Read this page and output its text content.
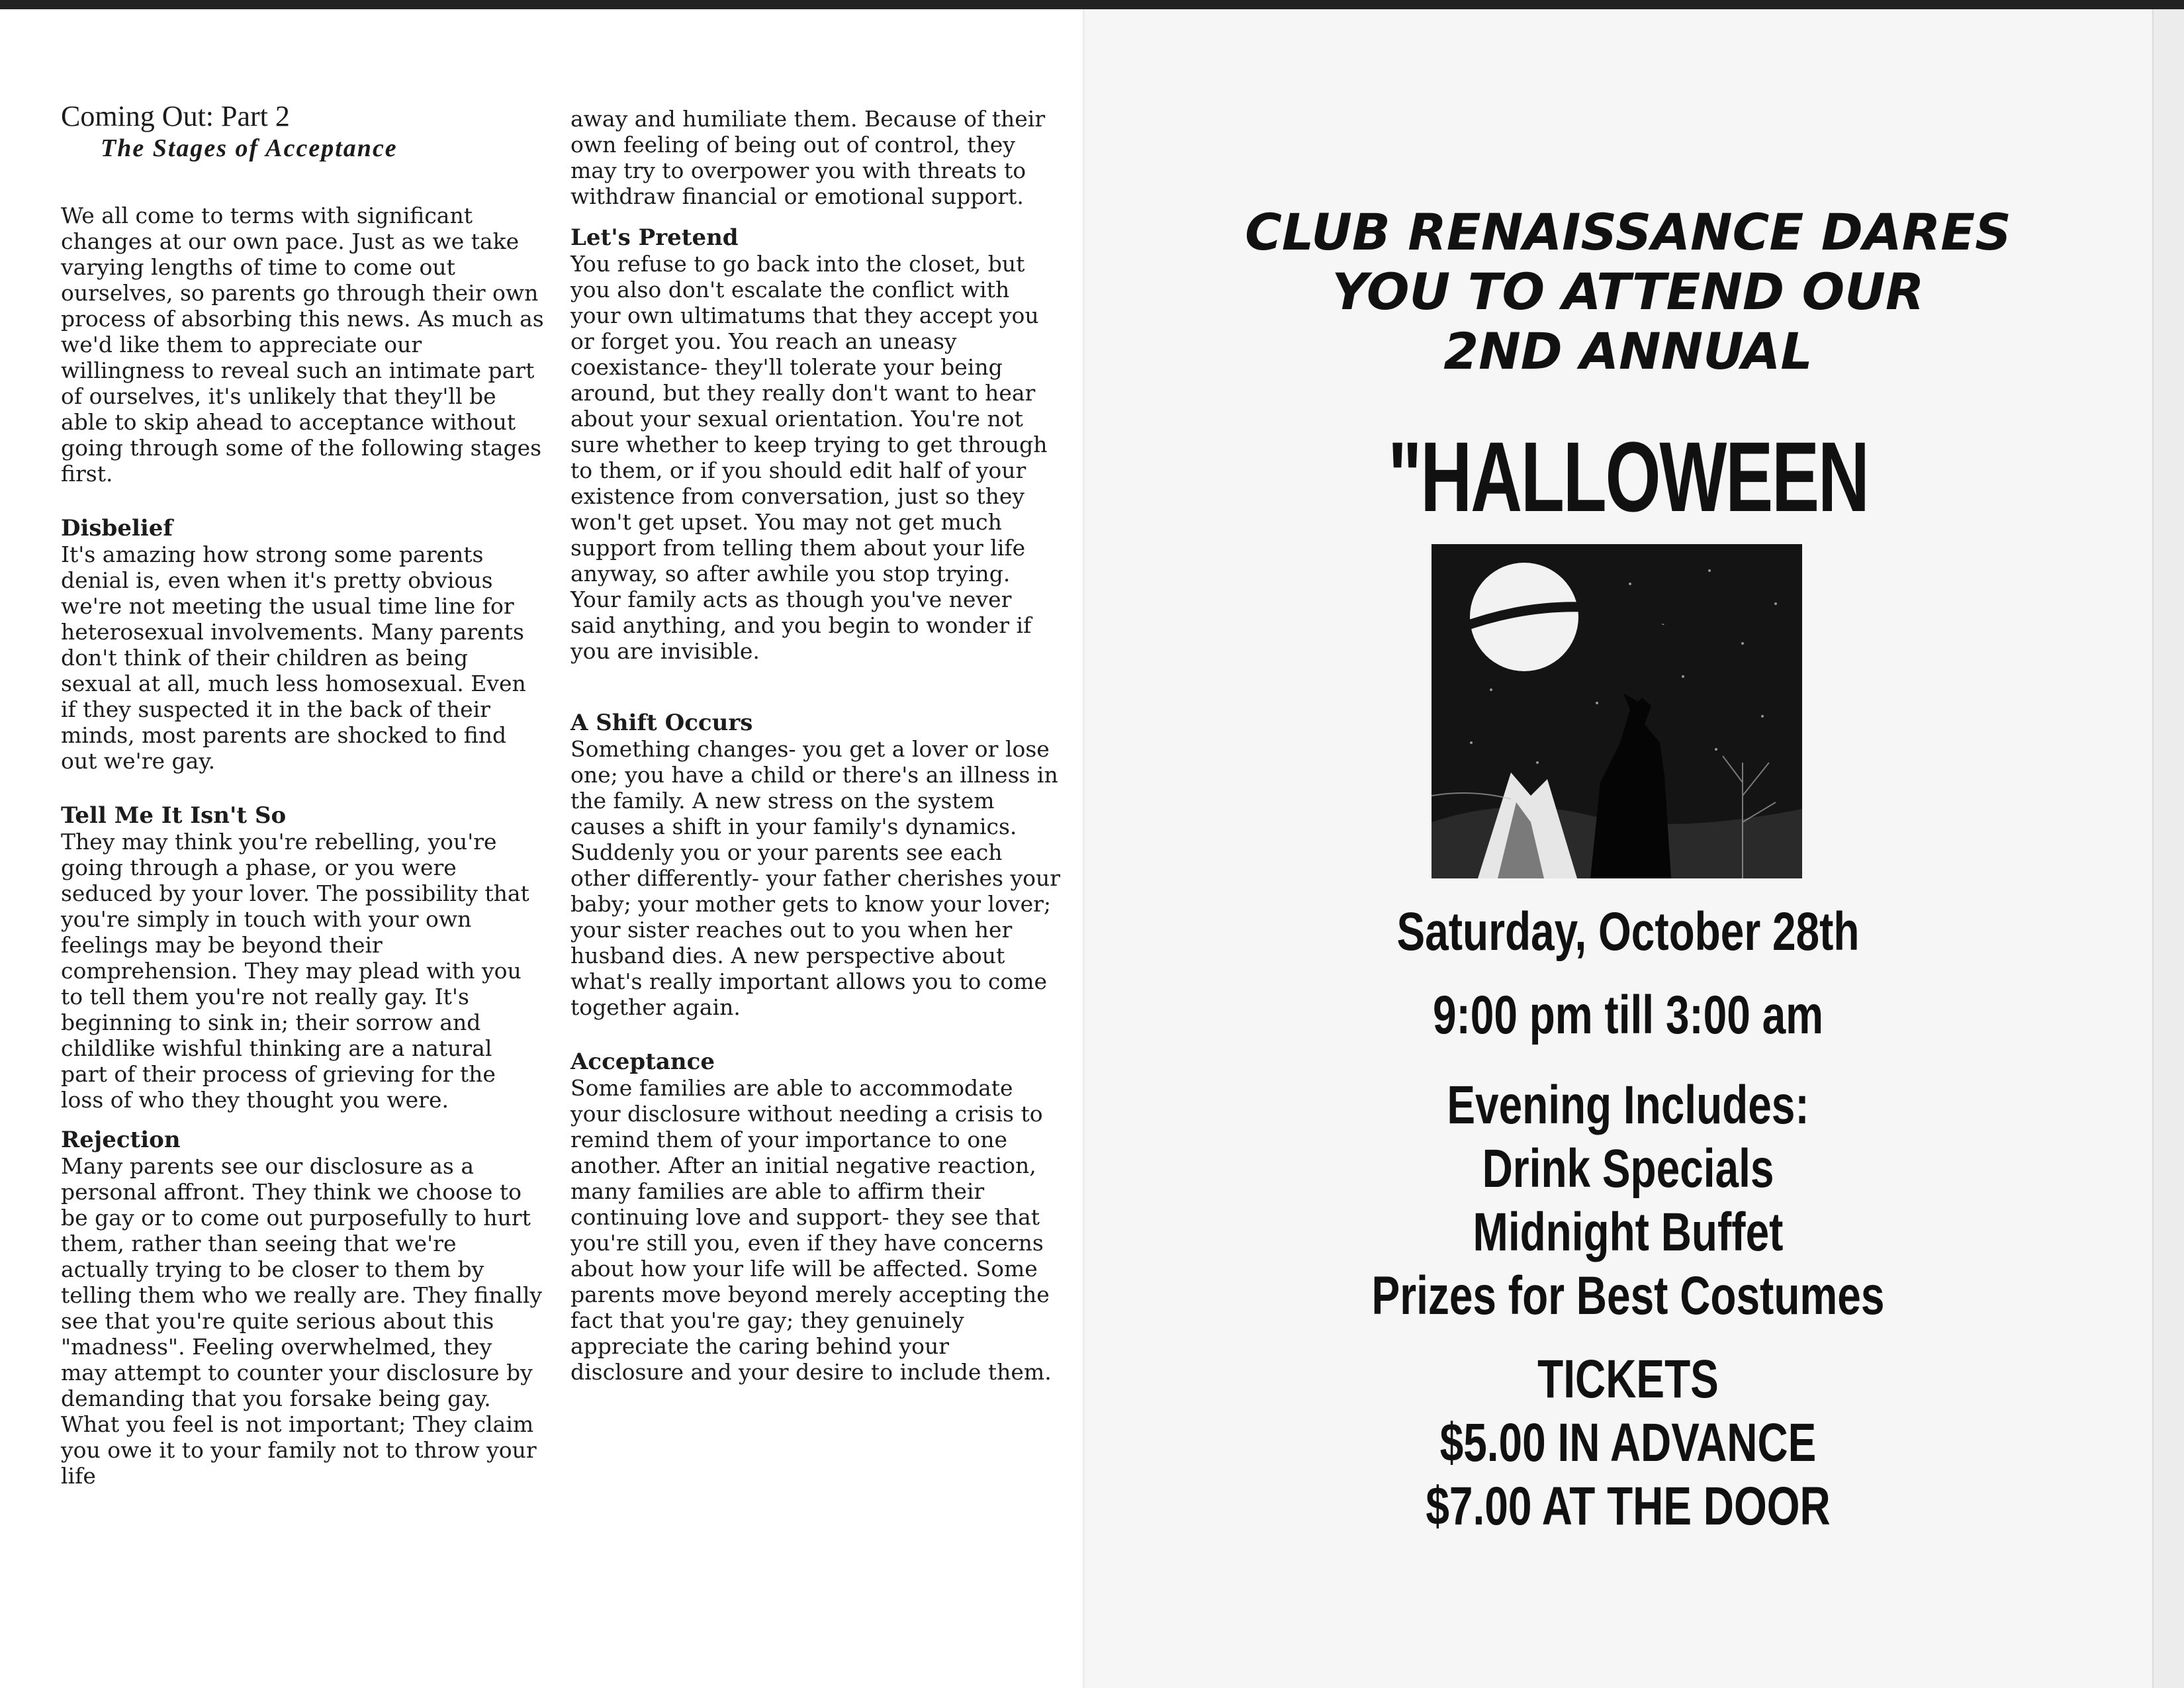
Coming Out: Part 2
The Stages of Acceptance

We all come to terms with significant changes at our own pace. Just as we take varying lengths of time to come out ourselves, so parents go through their own process of absorbing this news. As much as we'd like them to appreciate our willingness to reveal such an intimate part of ourselves, it's unlikely that they'll be able to skip ahead to acceptance without going through some of the following stages first.

Disbelief

It's amazing how strong some parents denial is, even when it's pretty obvious we're not meeting the usual time line for heterosexual involvements. Many parents don't think of their children as being sexual at all, much less homosexual. Even if they suspected it in the back of their minds, most parents are shocked to find out we're gay.

Tell Me It Isn't So

They may think you're rebelling, you're going through a phase, or you were seduced by your lover. The possibility that you're simply in touch with your own feelings may be beyond their comprehension. They may plead with you to tell them you're not really gay. It's beginning to sink in; their sorrow and childlike wishful thinking are a natural part of their process of grieving for the loss of who they thought you were.

Rejection

Many parents see our disclosure as a personal affront. They think we choose to be gay or to come out purposefully to hurt them, rather than seeing that we're actually trying to be closer to them by telling them who we really are. They finally see that you're quite serious about this "madness". Feeling overwhelmed, they may attempt to counter your disclosure by demanding that you forsake being gay. What you feel is not important; They claim you owe it to your family not to throw your life

away and humiliate them. Because of their own feeling of being out of control, they may try to overpower you with threats to withdraw financial or emotional support.

Let's Pretend

You refuse to go back into the closet, but you also don't escalate the conflict with your own ultimatums that they accept you or forget you. You reach an uneasy coexistance- they'll tolerate your being around, but they really don't want to hear about your sexual orientation. You're not sure whether to keep trying to get through to them, or if you should edit half of your existence from conversation, just so they won't get upset. You may not get much support from telling them about your life anyway, so after awhile you stop trying. Your family acts as though you've never said anything, and you begin to wonder if you are invisible.

A Shift Occurs

Something changes- you get a lover or lose one; you have a child or there's an illness in the family. A new stress on the system causes a shift in your family's dynamics. Suddenly you or your parents see each other differently- your father cherishes your baby; your mother gets to know your lover; your sister reaches out to you when her husband dies. A new perspective about what's really important allows you to come together again.

Acceptance

Some families are able to accommodate your disclosure without needing a crisis to remind them of your importance to one another. After an initial negative reaction, many families are able to affirm their continuing love and support- they see that you're still you, even if they have concerns about how your life will be affected. Some parents move beyond merely accepting the fact that you're gay; they genuinely appreciate the caring behind your disclosure and your desire to include them.

CLUB RENAISSANCE DARES
YOU TO ATTEND OUR
2ND ANNUAL
"HALLOWEEN
Saturday, October 28th
9:00 pm till 3:00 am
Evening Includes:
Drink Specials
Midnight Buffet
Prizes for Best Costumes
TICKETS
$5.00 IN ADVANCE
$7.00 AT THE DOOR
